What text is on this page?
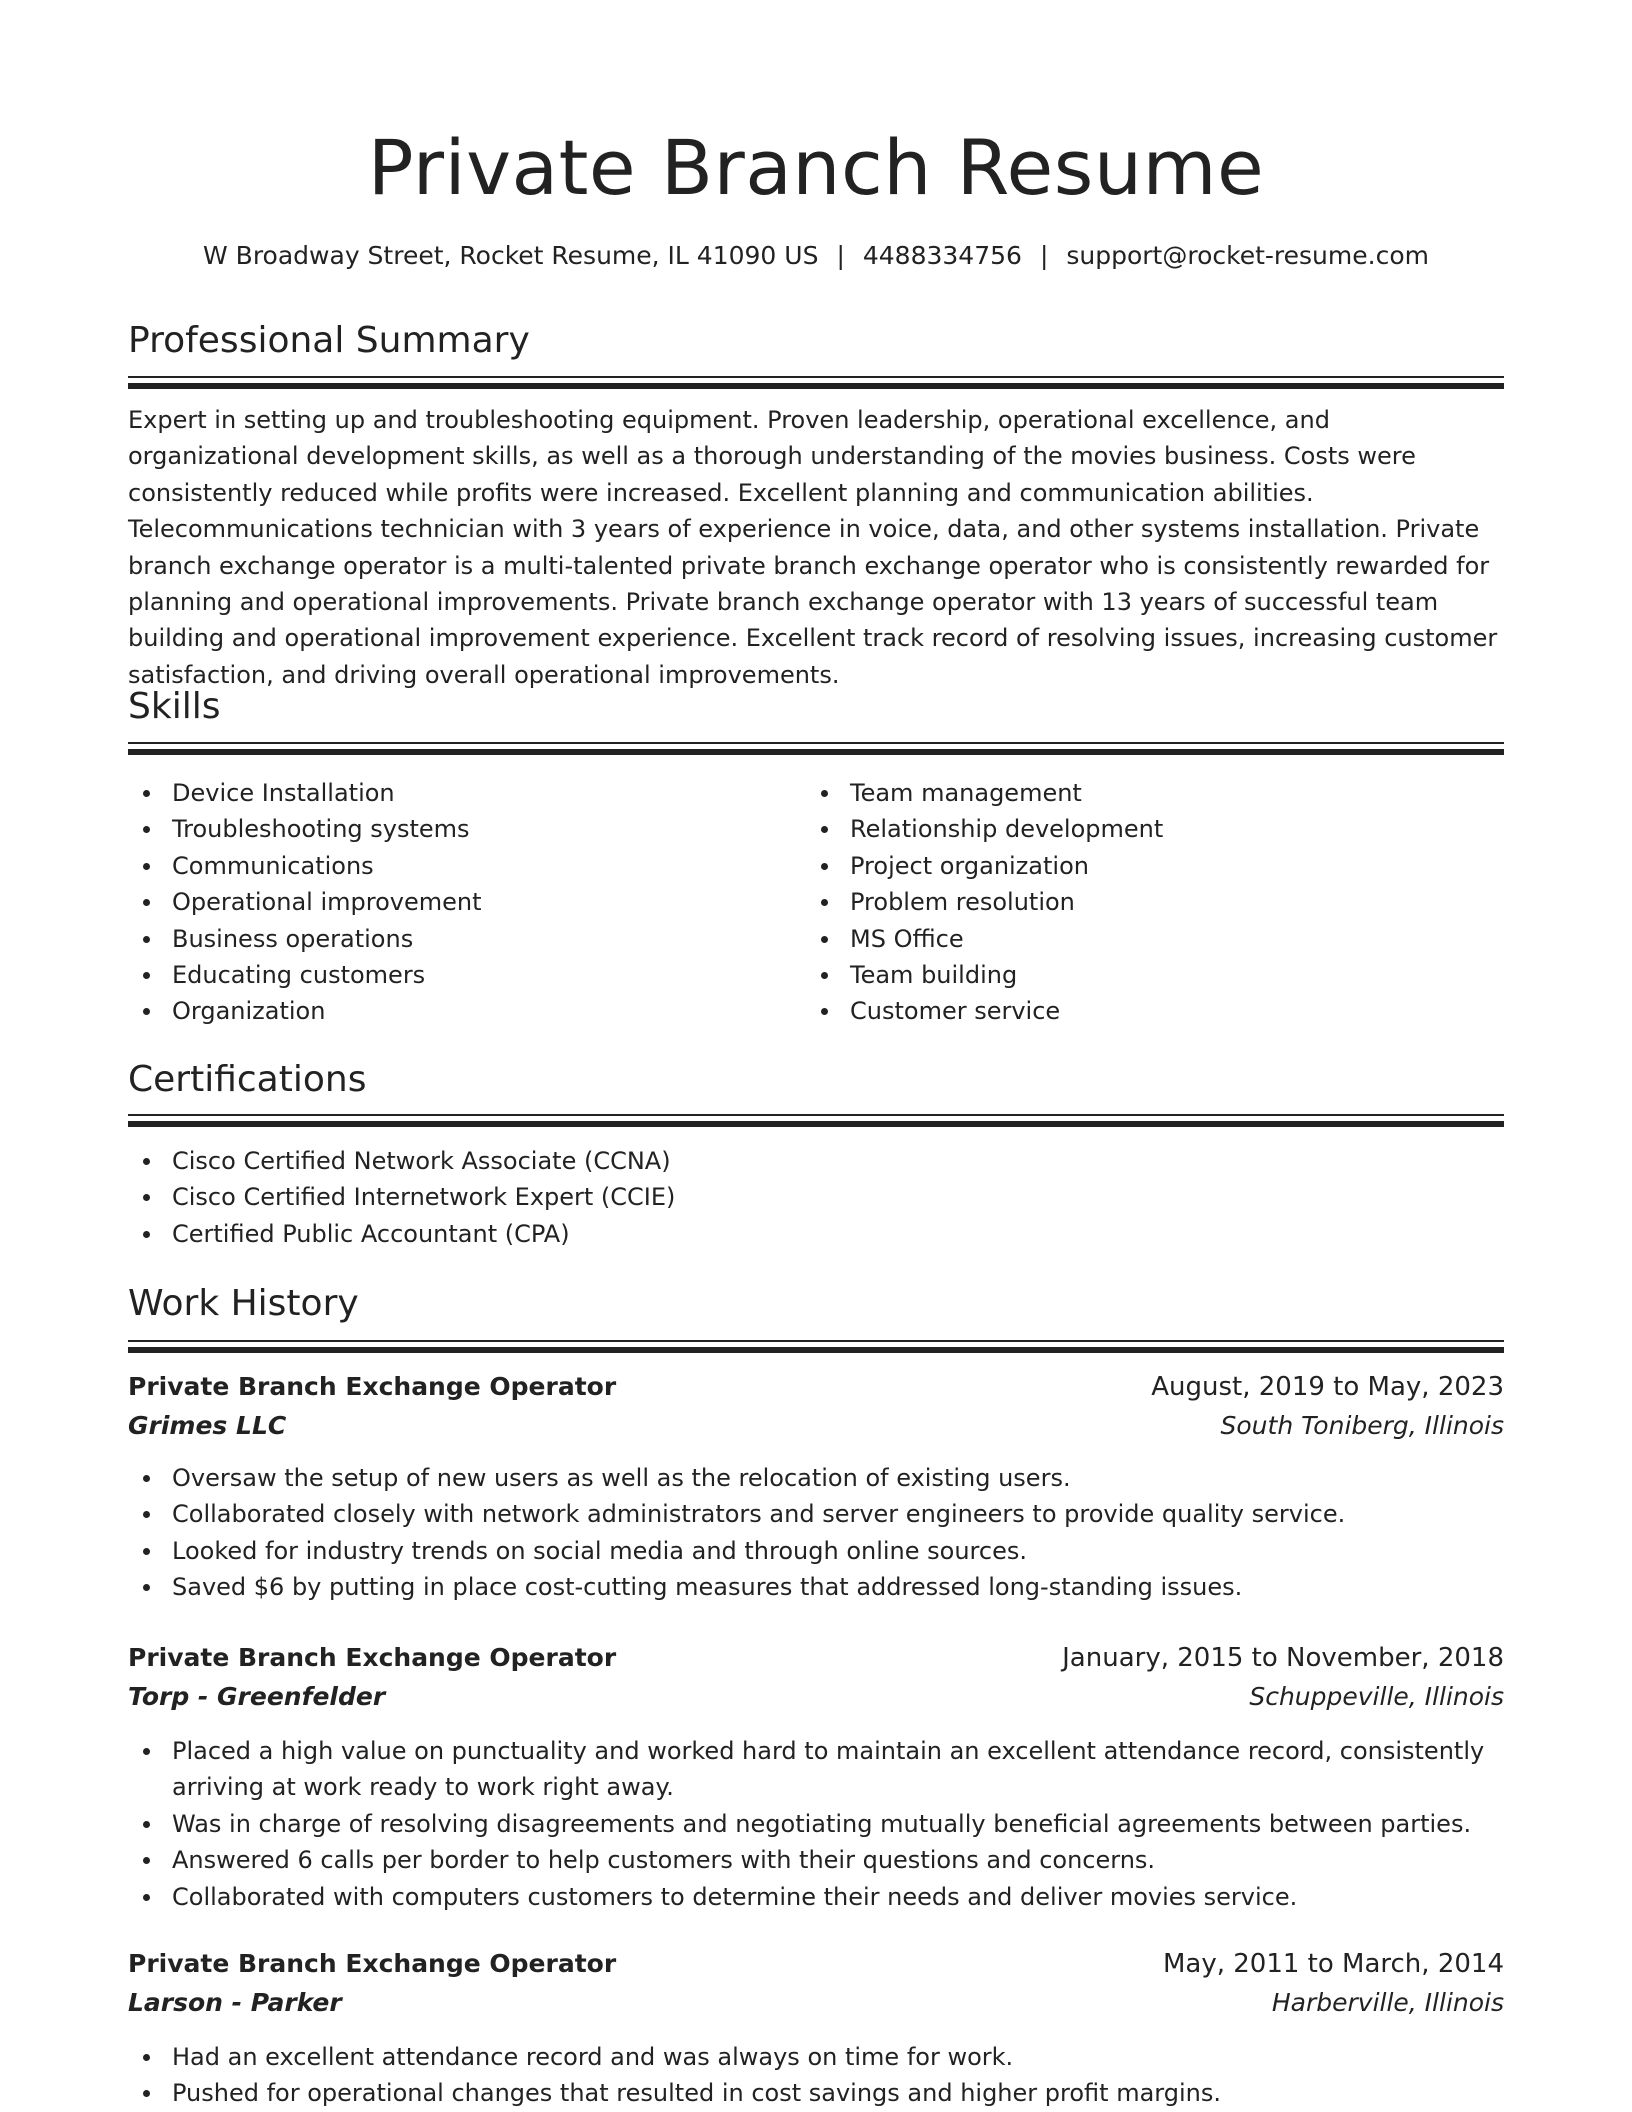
Private Branch Resume
W Broadway Street, Rocket Resume, IL 41090 US | 4488334756 | support@rocket-resume.com
Professional Summary

Expert in setting up and troubleshooting equipment. Proven leadership, operational excellence, and organizational development skills, as well as a thorough understanding of the movies business. Costs were consistently reduced while profits were increased. Excellent planning and communication abilities. Telecommunications technician with 3 years of experience in voice, data, and other systems installation. Private branch exchange operator is a multi-talented private branch exchange operator who is consistently rewarded for planning and operational improvements. Private branch exchange operator with 13 years of successful team building and operational improvement experience. Excellent track record of resolving issues, increasing customer satisfaction, and driving overall operational improvements.

Skills
Device Installation
Troubleshooting systems
Communications
Operational improvement
Business operations
Educating customers
Organization
Team management
Relationship development
Project organization
Problem resolution
MS Office
Team building
Customer service
Certifications
Cisco Certified Network Associate (CCNA)
Cisco Certified Internetwork Expert (CCIE)
Certified Public Accountant (CPA)
Work History
Private Branch Exchange Operator	August, 2019 to May, 2023
Grimes LLC	South Toniberg, Illinois
Oversaw the setup of new users as well as the relocation of existing users.
Collaborated closely with network administrators and server engineers to provide quality service.
Looked for industry trends on social media and through online sources.
Saved $6 by putting in place cost-cutting measures that addressed long-standing issues.
Private Branch Exchange Operator	January, 2015 to November, 2018
Torp - Greenfelder	Schuppeville, Illinois
Placed a high value on punctuality and worked hard to maintain an excellent attendance record, consistently arriving at work ready to work right away.
Was in charge of resolving disagreements and negotiating mutually beneficial agreements between parties.
Answered 6 calls per border to help customers with their questions and concerns.
Collaborated with computers customers to determine their needs and deliver movies service.
Private Branch Exchange Operator	May, 2011 to March, 2014
Larson - Parker	Harberville, Illinois
Had an excellent attendance record and was always on time for work.
Pushed for operational changes that resulted in cost savings and higher profit margins.
